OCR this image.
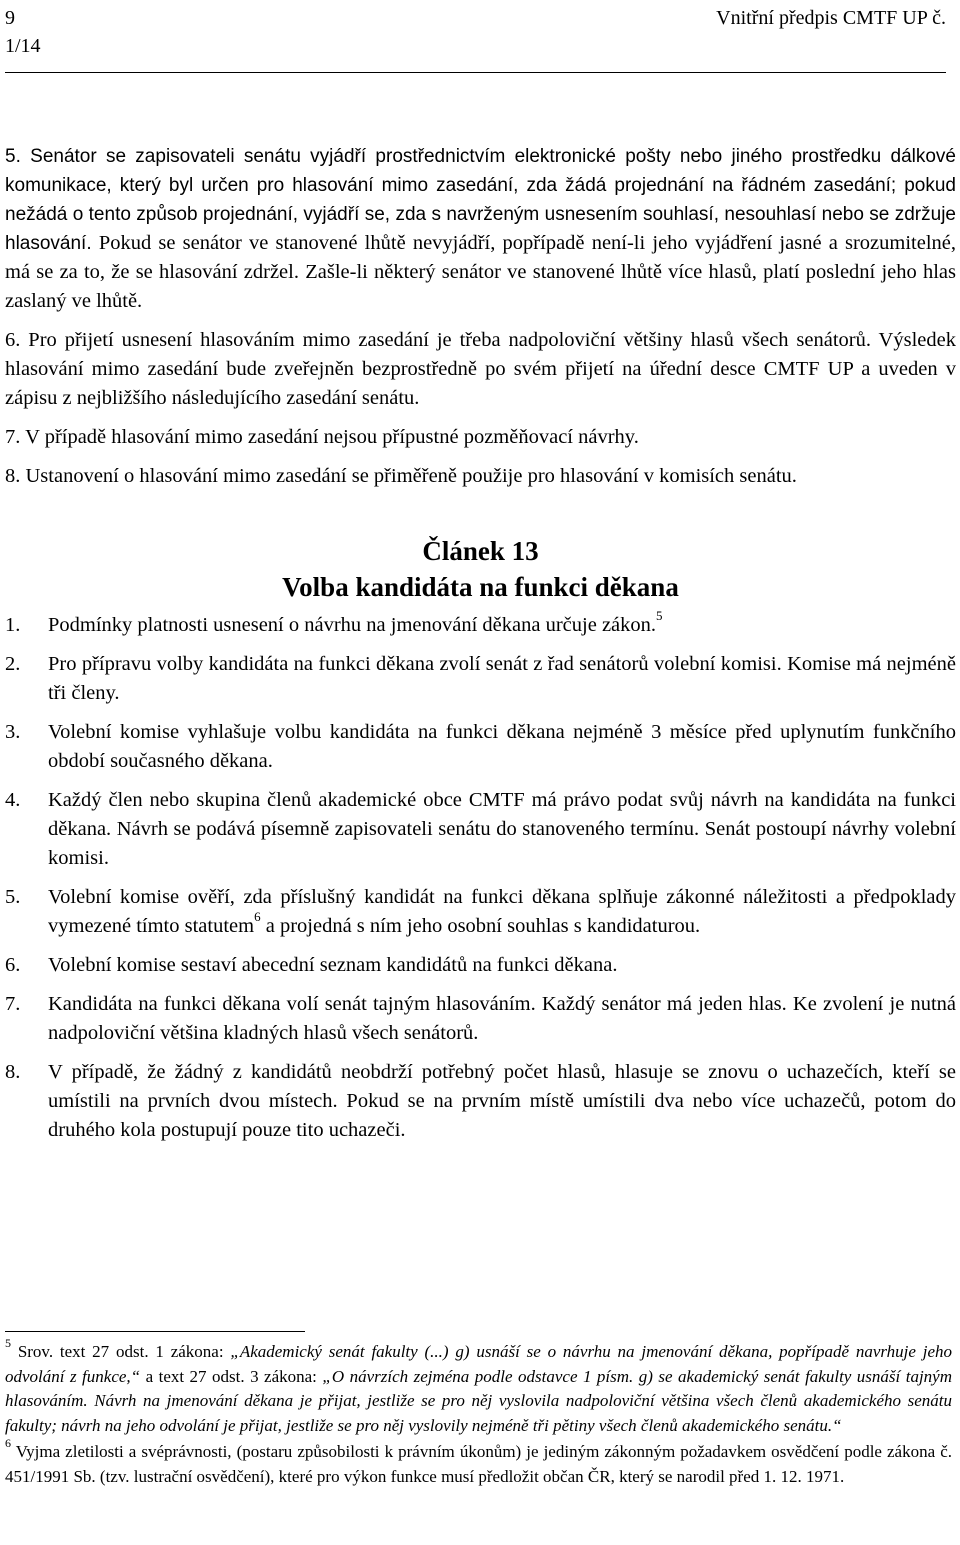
9
1/14
Vnitřní předpis CMTF UP č.

5. Senátor se zapisovateli senátu vyjádří prostřednictvím elektronické pošty nebo jiného prostředku dálkové komunikace, který byl určen pro hlasování mimo zasedání, zda žádá projednání na řádném zasedání; pokud nežádá o tento způsob projednání, vyjádří se, zda s navrženým usnesením souhlasí, nesouhlasí nebo se zdržuje hlasování. Pokud se senátor ve stanovené lhůtě nevyjádří, popřípadě není-li jeho vyjádření jasné a srozumitelné, má se za to, že se hlasování zdržel. Zašle-li některý senátor ve stanovené lhůtě více hlasů, platí poslední jeho hlas zaslaný ve lhůtě.

6. Pro přijetí usnesení hlasováním mimo zasedání je třeba nadpoloviční většiny hlasů všech senátorů. Výsledek hlasování mimo zasedání bude zveřejněn bezprostředně po svém přijetí na úřední desce CMTF UP a uveden v zápisu z nejbližšího následujícího zasedání senátu.

7. V případě hlasování mimo zasedání nejsou přípustné pozměňovací návrhy.

8. Ustanovení o hlasování mimo zasedání se přiměřeně použije pro hlasování v komisích senátu.

Článek 13
Volba kandidáta na funkci děkana
1.	Podmínky platnosti usnesení o návrhu na jmenování děkana určuje zákon.$^5$
2.	Pro přípravu volby kandidáta na funkci děkana zvolí senát z řad senátorů volební komisi. Komise má nejméně tři členy.
3.	Volební komise vyhlašuje volbu kandidáta na funkci děkana nejméně 3 měsíce před uplynutím funkčního období současného děkana.
4.	Každý člen nebo skupina členů akademické obce CMTF má právo podat svůj návrh na kandidáta na funkci děkana. Návrh se podává písemně zapisovateli senátu do stanoveného termínu. Senát postoupí návrhy volební komisi.
5.	Volební komise ověří, zda příslušný kandidát na funkci děkana splňuje zákonné náležitosti a předpoklady vymezené tímto statutem$^6$ a projedná s ním jeho osobní souhlas s kandidaturou.
6.	Volební komise sestaví abecední seznam kandidátů na funkci děkana.
7.	Kandidáta na funkci děkana volí senát tajným hlasováním. Každý senátor má jeden hlas. Ke zvolení je nutná nadpoloviční většina kladných hlasů všech senátorů.
8.	V případě, že žádný z kandidátů neobdrží potřebný počet hlasů, hlasuje se znovu o uchazečích, kteří se umístili na prvních dvou místech. Pokud se na prvním místě umístili dva nebo více uchazečů, potom do druhého kola postupují pouze tito uchazeči.

$^5$ Srov. text 27 odst. 1 zákona: „Akademický senát fakulty (...) g) usnáší se o návrhu na jmenování děkana, popřípadě navrhuje jeho odvolání z funkce,“ a text 27 odst. 3 zákona: „O návrzích zejména podle odstavce 1 písm. g) se akademický senát fakulty usnáší tajným hlasováním. Návrh na jmenování děkana je přijat, jestliže se pro něj vyslovila nadpoloviční většina všech členů akademického senátu fakulty; návrh na jeho odvolání je přijat, jestliže se pro něj vyslovily nejméně tři pětiny všech členů akademického senátu.“

$^6$ Vyjma zletilosti a svéprávnosti, (postaru způsobilosti k právním úkonům) je jediným zákonným požadavkem osvědčení podle zákona č. 451/1991 Sb. (tzv. lustrační osvědčení), které pro výkon funkce musí předložit občan ČR, který se narodil před 1. 12. 1971.
